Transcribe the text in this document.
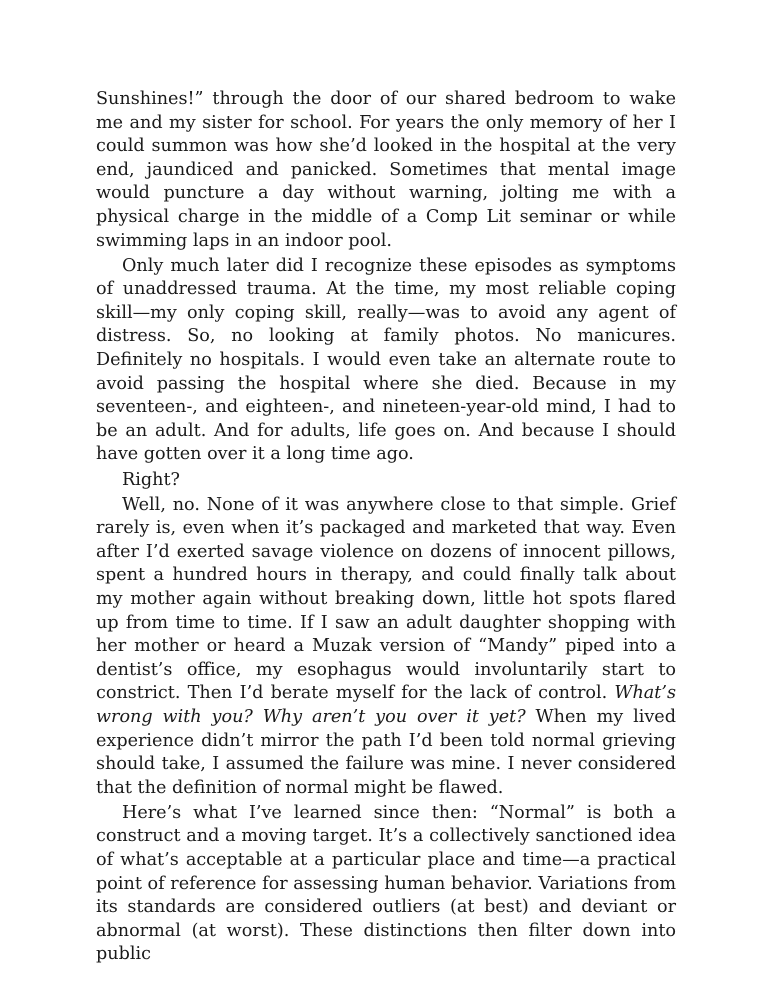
Sunshines!” through the door of our shared bedroom to wake me and my sister for school. For years the only memory of her I could summon was how she’d looked in the hospital at the very end, jaundiced and panicked. Sometimes that mental image would puncture a day without warning, jolting me with a physical charge in the middle of a Comp Lit seminar or while swimming laps in an indoor pool.

Only much later did I recognize these episodes as symptoms of unaddressed trauma. At the time, my most reliable coping skill—my only coping skill, really—was to avoid any agent of distress. So, no looking at family photos. No manicures. Definitely no hospitals. I would even take an alternate route to avoid passing the hospital where she died. Because in my seventeen-, and eighteen-, and nineteen-year-old mind, I had to be an adult. And for adults, life goes on. And because I should have gotten over it a long time ago.

Right?

Well, no. None of it was anywhere close to that simple. Grief rarely is, even when it’s packaged and marketed that way. Even after I’d exerted savage violence on dozens of innocent pillows, spent a hundred hours in therapy, and could finally talk about my mother again without breaking down, little hot spots flared up from time to time. If I saw an adult daughter shopping with her mother or heard a Muzak version of “Mandy” piped into a dentist’s office, my esophagus would involuntarily start to constrict. Then I’d berate myself for the lack of control. What’s wrong with you? Why aren’t you over it yet? When my lived experience didn’t mirror the path I’d been told normal grieving should take, I assumed the failure was mine. I never considered that the definition of normal might be flawed.

Here’s what I’ve learned since then: “Normal” is both a construct and a moving target. It’s a collectively sanctioned idea of what’s acceptable at a particular place and time—a practical point of reference for assessing human behavior. Variations from its standards are considered outliers (at best) and deviant or abnormal (at worst). These distinctions then filter down into public
